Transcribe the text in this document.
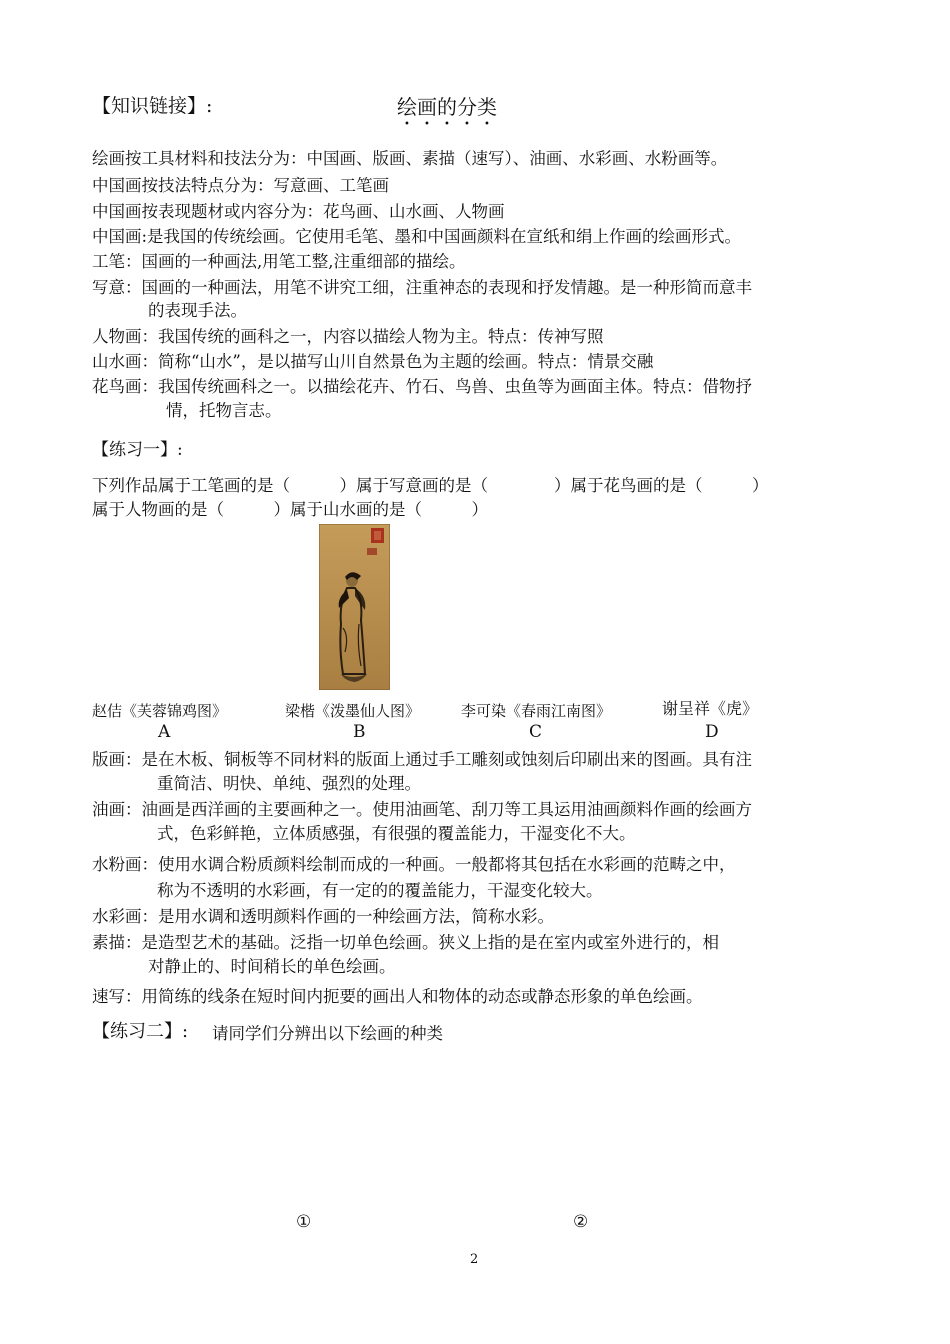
【知识链接】:	绘画的分类
绘画按工具材料和技法分为：中国画、版画、素描（速写）、油画、水彩画、水粉画等。
中国画按技法特点分为：写意画、工笔画
中国画按表现题材或内容分为：花鸟画、山水画、人物画
中国画:是我国的传统绘画。它使用毛笔、墨和中国画颜料在宣纸和绢上作画的绘画形式。
工笔：国画的一种画法,用笔工整,注重细部的描绘。
写意：国画的一种画法，用笔不讲究工细，注重神态的表现和抒发情趣。是一种形简而意丰
的表现手法。
人物画：我国传统的画科之一，内容以描绘人物为主。特点：传神写照
山水画：简称“山水”，是以描写山川自然景色为主题的绘画。特点：情景交融
花鸟画：我国传统画科之一。以描绘花卉、竹石、鸟兽、虫鱼等为画面主体。特点：借物抒
情，托物言志。
【练习一】:
下列作品属于工笔画的是（　　　）属于写意画的是（　　　　）属于花鸟画的是（　　　）
属于人物画的是（　　　）属于山水画的是（　　　）
赵佶《芙蓉锦鸡图》
A
梁楷《泼墨仙人图》
B
李可染《春雨江南图》
C
谢呈祥《虎》
D
版画：是在木板、铜板等不同材料的版面上通过手工雕刻或蚀刻后印刷出来的图画。具有注
重简洁、明快、单纯、强烈的处理。
油画：油画是西洋画的主要画种之一。使用油画笔、刮刀等工具运用油画颜料作画的绘画方
式，色彩鲜艳，立体质感强，有很强的覆盖能力，干湿变化不大。
水粉画：使用水调合粉质颜料绘制而成的一种画。一般都将其包括在水彩画的范畴之中，
称为不透明的水彩画，有一定的的覆盖能力，干湿变化较大。
水彩画：是用水调和透明颜料作画的一种绘画方法，简称水彩。
素描：是造型艺术的基础。泛指一切单色绘画。狭义上指的是在室内或室外进行的，相
对静止的、时间稍长的单色绘画。
速写：用简练的线条在短时间内扼要的画出人和物体的动态或静态形象的单色绘画。
【练习二】: 请同学们分辨出以下绘画的种类
①	②
2
